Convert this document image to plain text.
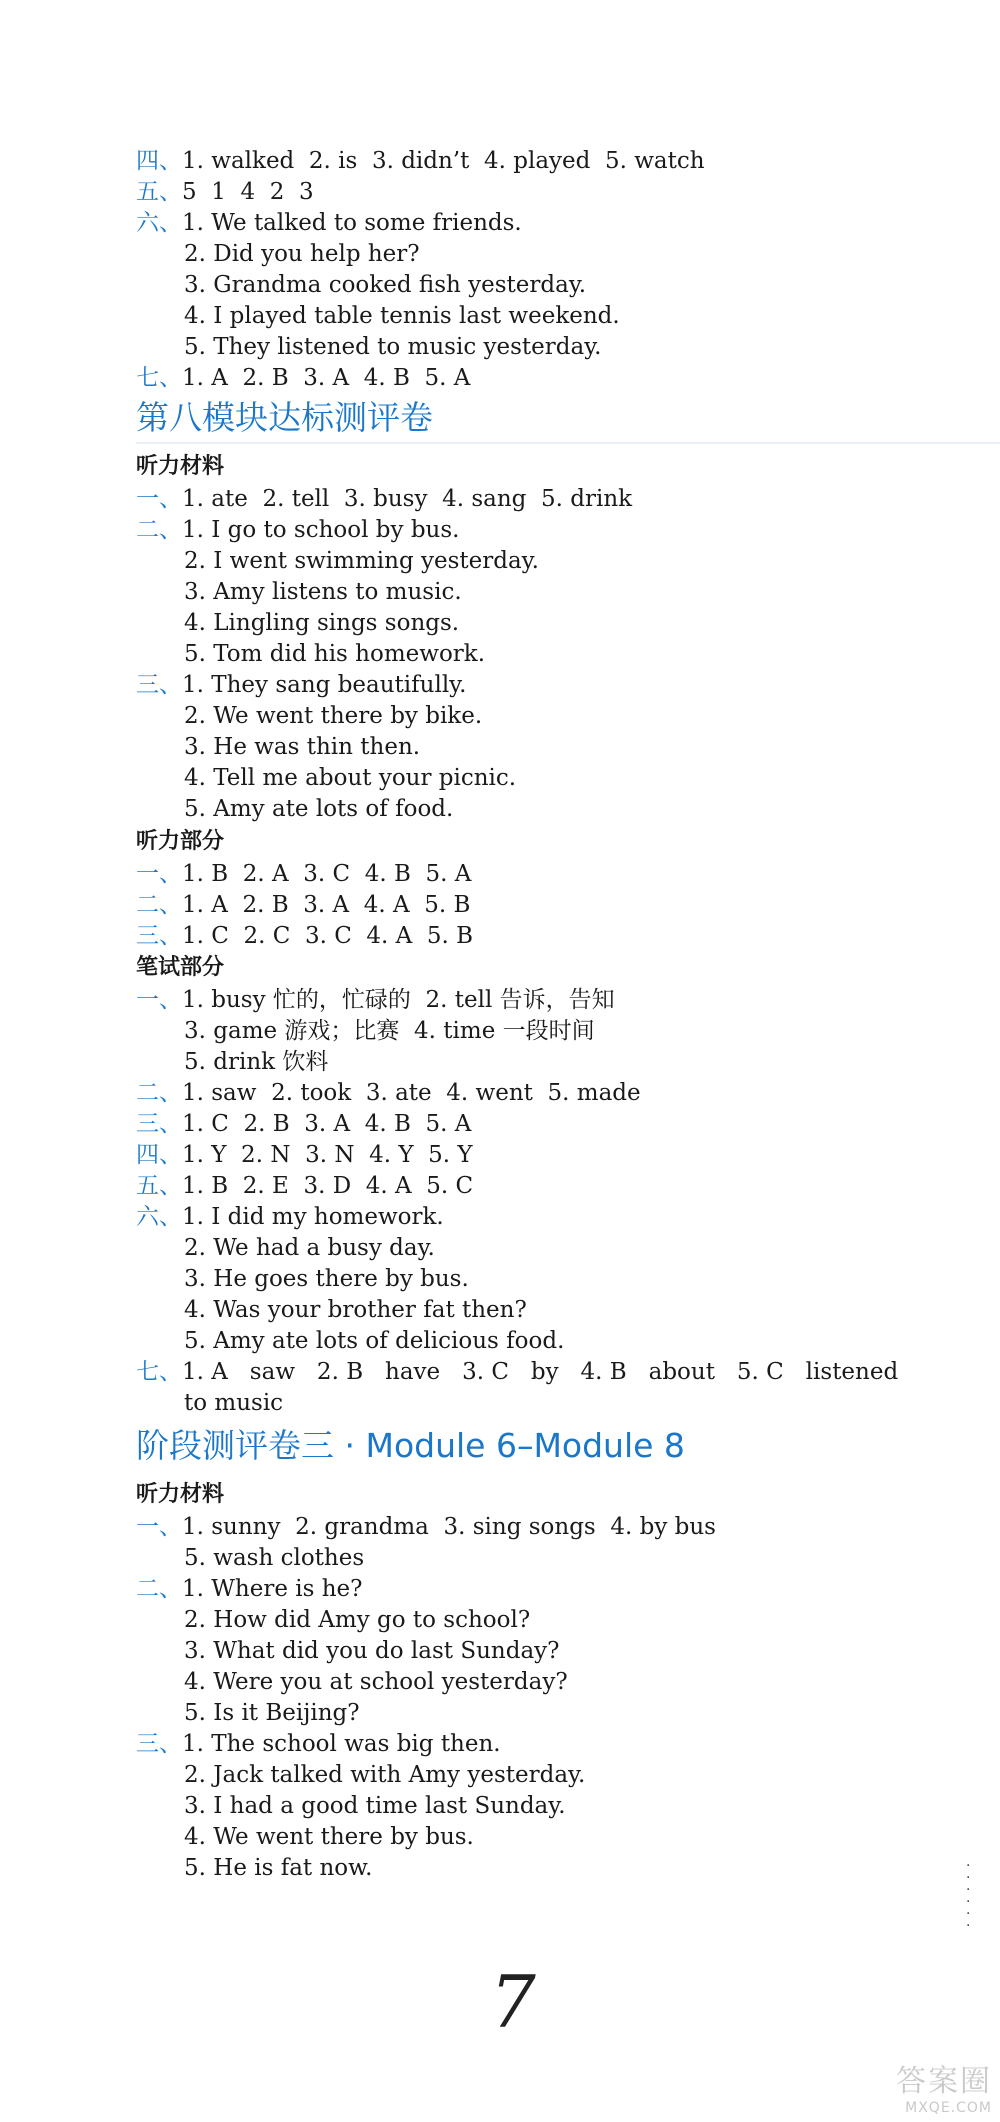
四、1. walked  2. is  3. didn’t  4. played  5. watch
五、5  1  4  2  3
六、1. We talked to some friends.
2. Did you help her?
3. Grandma cooked fish yesterday.
4. I played table tennis last weekend.
5. They listened to music yesterday.
七、1. A  2. B  3. A  4. B  5. A
第八模块达标测评卷
听力材料
一、1. ate  2. tell  3. busy  4. sang  5. drink
二、1. I go to school by bus.
2. I went swimming yesterday.
3. Amy listens to music.
4. Lingling sings songs.
5. Tom did his homework.
三、1. They sang beautifully.
2. We went there by bike.
3. He was thin then.
4. Tell me about your picnic.
5. Amy ate lots of food.
听力部分
一、1. B  2. A  3. C  4. B  5. A
二、1. A  2. B  3. A  4. A  5. B
三、1. C  2. C  3. C  4. A  5. B
笔试部分
一、1. busy 忙的，忙碌的  2. tell 告诉，告知
3. game 游戏；比赛  4. time 一段时间
5. drink 饮料
二、1. saw  2. took  3. ate  4. went  5. made
三、1. C  2. B  3. A  4. B  5. A
四、1. Y  2. N  3. N  4. Y  5. Y
五、1. B  2. E  3. D  4. A  5. C
六、1. I did my homework.
2. We had a busy day.
3. He goes there by bus.
4. Was your brother fat then?
5. Amy ate lots of delicious food.
七、1. A   saw   2. B   have   3. C   by   4. B   about   5. C   listened
to music
阶段测评卷三 · Module 6–Module 8
听力材料
一、1. sunny  2. grandma  3. sing songs  4. by bus
5. wash clothes
二、1. Where is he?
2. How did Amy go to school?
3. What did you do last Sunday?
4. Were you at school yesterday?
5. Is it Beijing?
三、1. The school was big then.
2. Jack talked with Amy yesterday.
3. I had a good time last Sunday.
4. We went there by bus.
5. He is fat now.	·
·
·
·
·
·
7
答案圈
MXQE.COM
